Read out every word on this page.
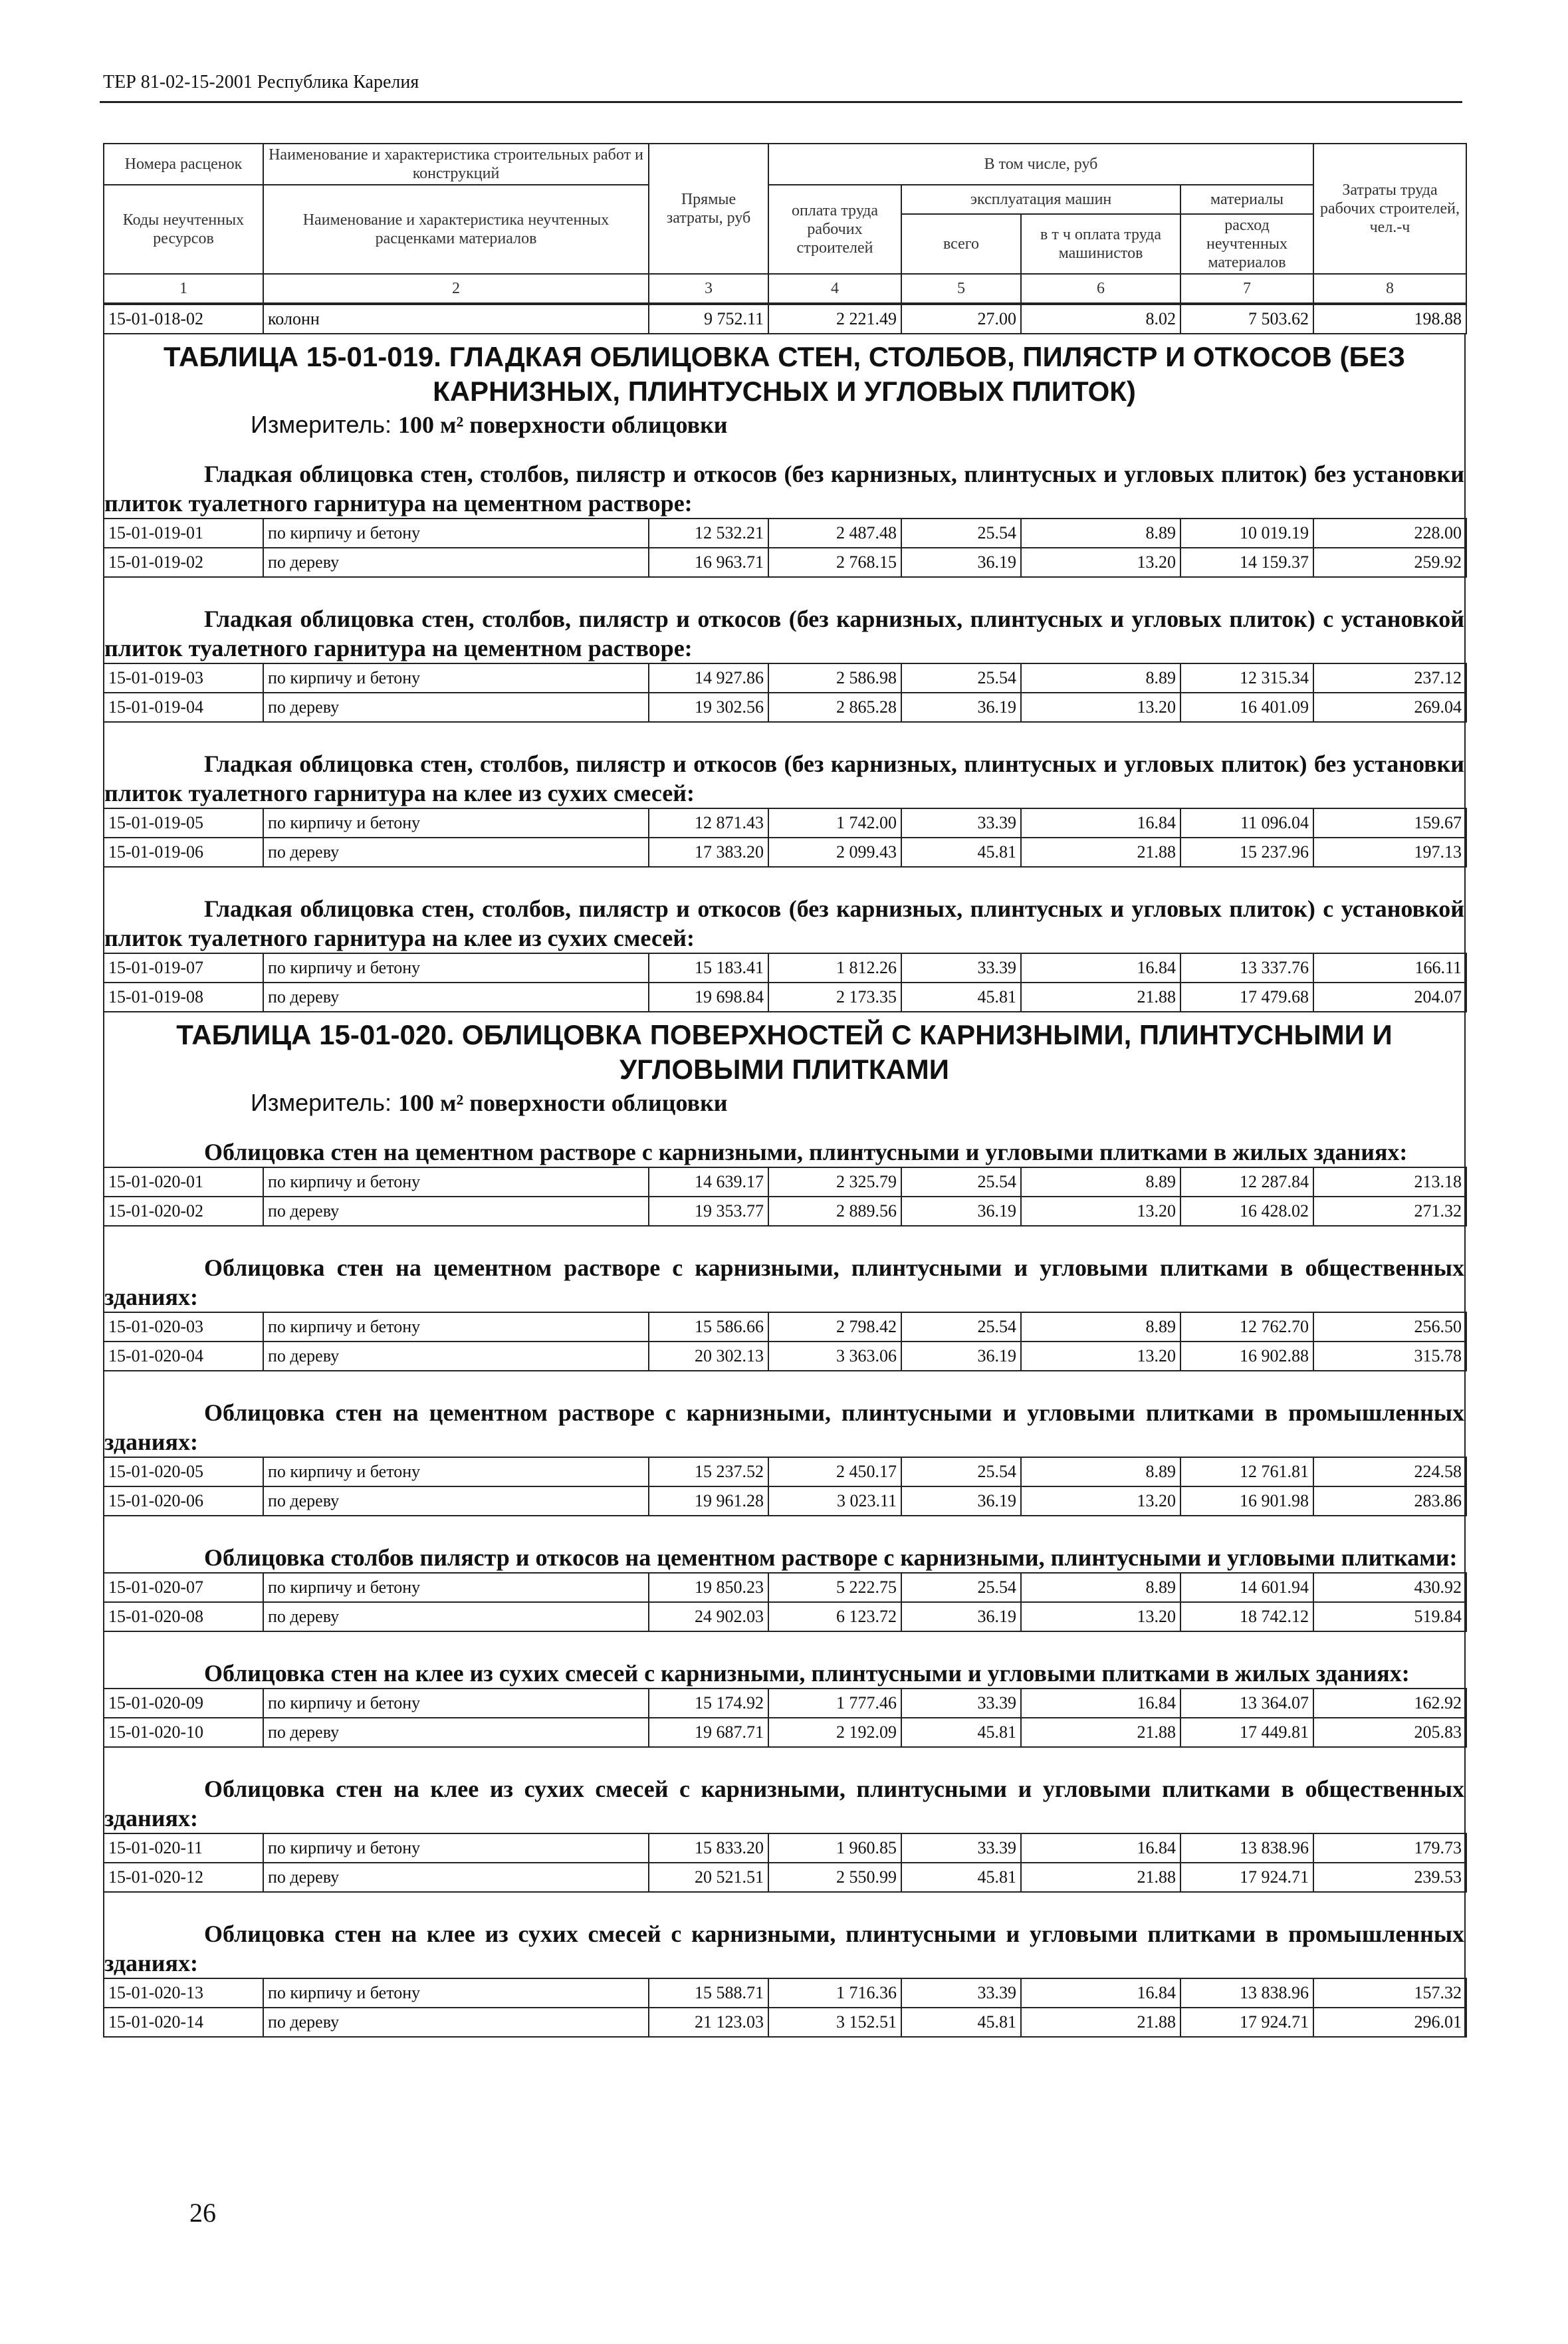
ТЕР 81-02-15-2001 Республика Карелия
Номера расценок	Наименование и характеристика строительных работ и конструкций	Прямые затраты, руб	В том числе, руб				Затраты труда рабочих строителей, чел.-ч
Коды неучтенных ресурсов	Наименование и характеристика неучтенных расценками материалов		оплата труда рабочих строителей	эксплуатация машин		материалы	
				всего	в т ч оплата труда машинистов	расход неучтенных материалов	
1	2	3	4	5	6	7	8
15-01-018-02	колонн	9 752.11	2 221.49	27.00	8.02	7 503.62	198.88
ТАБЛИЦА 15-01-019. ГЛАДКАЯ ОБЛИЦОВКА СТЕН, СТОЛБОВ, ПИЛЯСТР И ОТКОСОВ (БЕЗ КАРНИЗНЫХ, ПЛИНТУСНЫХ И УГЛОВЫХ ПЛИТОК)
Измеритель: 100 м² поверхности облицовки
Гладкая облицовка стен, столбов, пилястр и откосов (без карнизных, плинтусных и угловых плиток) без установки плиток туалетного гарнитура на цементном растворе:
15-01-019-01	по кирпичу и бетону	12 532.21	2 487.48	25.54	8.89	10 019.19	228.00
15-01-019-02	по дереву	16 963.71	2 768.15	36.19	13.20	14 159.37	259.92
Гладкая облицовка стен, столбов, пилястр и откосов (без карнизных, плинтусных и угловых плиток) с установкой плиток туалетного гарнитура на цементном растворе:
15-01-019-03	по кирпичу и бетону	14 927.86	2 586.98	25.54	8.89	12 315.34	237.12
15-01-019-04	по дереву	19 302.56	2 865.28	36.19	13.20	16 401.09	269.04
Гладкая облицовка стен, столбов, пилястр и откосов (без карнизных, плинтусных и угловых плиток) без установки плиток туалетного гарнитура на клее из сухих смесей:
15-01-019-05	по кирпичу и бетону	12 871.43	1 742.00	33.39	16.84	11 096.04	159.67
15-01-019-06	по дереву	17 383.20	2 099.43	45.81	21.88	15 237.96	197.13
Гладкая облицовка стен, столбов, пилястр и откосов (без карнизных, плинтусных и угловых плиток) с установкой плиток туалетного гарнитура на клее из сухих смесей:
15-01-019-07	по кирпичу и бетону	15 183.41	1 812.26	33.39	16.84	13 337.76	166.11
15-01-019-08	по дереву	19 698.84	2 173.35	45.81	21.88	17 479.68	204.07
ТАБЛИЦА 15-01-020. ОБЛИЦОВКА ПОВЕРХНОСТЕЙ С КАРНИЗНЫМИ, ПЛИНТУСНЫМИ И УГЛОВЫМИ ПЛИТКАМИ
Измеритель: 100 м² поверхности облицовки
Облицовка стен на цементном растворе с карнизными, плинтусными и угловыми плитками в жилых зданиях:
15-01-020-01	по кирпичу и бетону	14 639.17	2 325.79	25.54	8.89	12 287.84	213.18
15-01-020-02	по дереву	19 353.77	2 889.56	36.19	13.20	16 428.02	271.32
Облицовка стен на цементном растворе с карнизными, плинтусными и угловыми плитками в общественных зданиях:
15-01-020-03	по кирпичу и бетону	15 586.66	2 798.42	25.54	8.89	12 762.70	256.50
15-01-020-04	по дереву	20 302.13	3 363.06	36.19	13.20	16 902.88	315.78
Облицовка стен на цементном растворе с карнизными, плинтусными и угловыми плитками в промышленных зданиях:
15-01-020-05	по кирпичу и бетону	15 237.52	2 450.17	25.54	8.89	12 761.81	224.58
15-01-020-06	по дереву	19 961.28	3 023.11	36.19	13.20	16 901.98	283.86
Облицовка столбов пилястр и откосов на цементном растворе с карнизными, плинтусными и угловыми плитками:
15-01-020-07	по кирпичу и бетону	19 850.23	5 222.75	25.54	8.89	14 601.94	430.92
15-01-020-08	по дереву	24 902.03	6 123.72	36.19	13.20	18 742.12	519.84
Облицовка стен на клее из сухих смесей с карнизными, плинтусными и угловыми плитками в жилых зданиях:
15-01-020-09	по кирпичу и бетону	15 174.92	1 777.46	33.39	16.84	13 364.07	162.92
15-01-020-10	по дереву	19 687.71	2 192.09	45.81	21.88	17 449.81	205.83
Облицовка стен на клее из сухих смесей с карнизными, плинтусными и угловыми плитками в общественных зданиях:
15-01-020-11	по кирпичу и бетону	15 833.20	1 960.85	33.39	16.84	13 838.96	179.73
15-01-020-12	по дереву	20 521.51	2 550.99	45.81	21.88	17 924.71	239.53
Облицовка стен на клее из сухих смесей с карнизными, плинтусными и угловыми плитками в промышленных зданиях:
15-01-020-13	по кирпичу и бетону	15 588.71	1 716.36	33.39	16.84	13 838.96	157.32
15-01-020-14	по дереву	21 123.03	3 152.51	45.81	21.88	17 924.71	296.01
26
